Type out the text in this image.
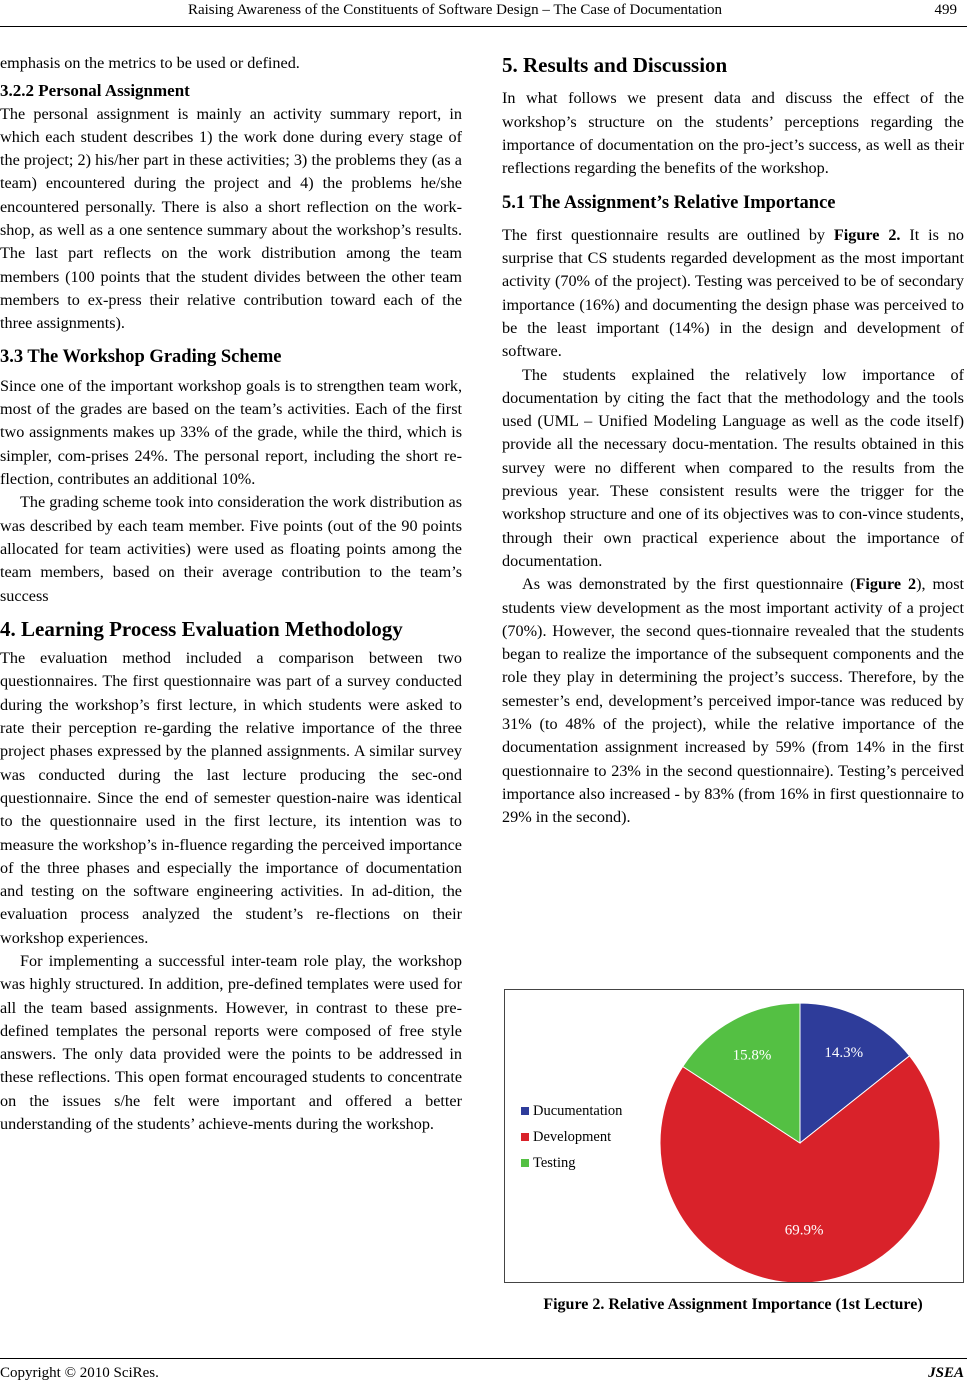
Raising Awareness of the Constituents of Software Design – The Case of Documentation	499

emphasis on the metrics to be used or defined.

3.2.2 Personal Assignment

The personal assignment is mainly an activity summary report, in which each student describes 1) the work done during every stage of the project; 2) his/her part in these activities; 3) the problems they (as a team) encountered during the project and 4) the problems he/she encountered personally. There is also a short reflection on the work-shop, as well as a one sentence summary about the workshop’s results. The last part reflects on the work distribution among the team members (100 points that the student divides between the other team members to ex-press their relative contribution toward each of the three assignments).

3.3 The Workshop Grading Scheme

Since one of the important workshop goals is to strengthen team work, most of the grades are based on the team’s activities. Each of the first two assignments makes up 33% of the grade, while the third, which is simpler, com-prises 24%. The personal report, including the short re-flection, contributes an additional 10%.

The grading scheme took into consideration the work distribution as was described by each team member. Five points (out of the 90 points allocated for team activities) were used as floating points among the team members, based on their average contribution to the team’s success

4. Learning Process Evaluation Methodology

The evaluation method included a comparison between two questionnaires. The first questionnaire was part of a survey conducted during the workshop’s first lecture, in which students were asked to rate their perception re-garding the relative importance of the three project phases expressed by the planned assignments. A similar survey was conducted during the last lecture producing the sec-ond questionnaire. Since the end of semester question-naire was identical to the questionnaire used in the first lecture, its intention was to measure the workshop’s in-fluence regarding the perceived importance of the three phases and especially the importance of documentation and testing on the software engineering activities. In ad-dition, the evaluation process analyzed the student’s re-flections on their workshop experiences.

For implementing a successful inter-team role play, the workshop was highly structured. In addition, pre-defined templates were used for all the team based assignments. However, in contrast to these pre-defined templates the personal reports were composed of free style answers. The only data provided were the points to be addressed in these reflections. This open format encouraged students to concentrate on the issues s/he felt were important and offered a better understanding of the students’ achieve-ments during the workshop.

5. Results and Discussion

In what follows we present data and discuss the effect of the workshop’s structure on the students’ perceptions regarding the importance of documentation on the pro-ject’s success, as well as their reflections regarding the benefits of the workshop.

5.1 The Assignment’s Relative Importance

The first questionnaire results are outlined by Figure 2. It is no surprise that CS students regarded development as the most important activity (70% of the project). Testing was perceived to be of secondary importance (16%) and documenting the design phase was perceived to be the least important (14%) in the design and development of software.

The students explained the relatively low importance of documentation by citing the fact that the methodology and the tools used (UML – Unified Modeling Language as well as the code itself) provide all the necessary docu-mentation. The results obtained in this survey were no different when compared to the results from the previous year. These consistent results were the trigger for the workshop structure and one of its objectives was to con-vince students, through their own practical experience about the importance of documentation.

As was demonstrated by the first questionnaire (Figure 2), most students view development as the most important activity of a project (70%). However, the second ques-tionnaire revealed that the students began to realize the importance of the subsequent components and the role they play in determining the project’s success. Therefore, by the semester’s end, development’s perceived impor-tance was reduced by 31% (to 48% of the project), while the relative importance of the documentation assignment increased by 59% (from 14% in the first questionnaire to 23% in the second questionnaire). Testing’s perceived importance also increased - by 83% (from 16% in first questionnaire to 29% in the second).

Ducumentation
Development
Testing
14.3%
69.9%
15.8%
Figure 2. Relative Assignment Importance (1st Lecture)
Copyright © 2010 SciRes.	JSEA
